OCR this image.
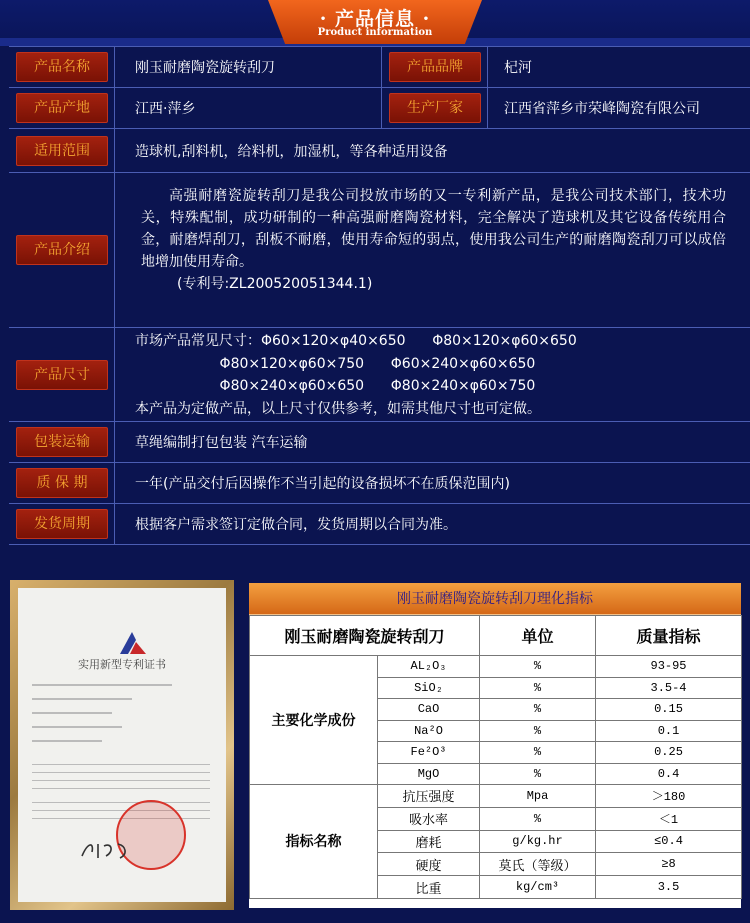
· 产品信息 ·
Product information
产品名称	刚玉耐磨陶瓷旋转刮刀	产品品牌	杞河
产品产地	江西·萍乡	生产厂家	江西省萍乡市荣峰陶瓷有限公司
适用范围	造球机,刮料机，给料机，加湿机，等各种适用设备
产品介绍

高强耐磨瓷旋转刮刀是我公司投放市场的又一专利新产品，是我公司技术部门，技术功关，特殊配制，成功研制的一种高强耐磨陶瓷材料，完全解决了造球机及其它设备传统用合金，耐磨焊刮刀，刮板不耐磨，使用寿命短的弱点，使用我公司生产的耐磨陶瓷刮刀可以成倍地增加使用寿命。

(专利号:ZL200520051344.1)

产品尺寸
市场产品常见尺寸：Φ60×120×φ40×650      Φ80×120×φ60×650
Φ80×120×φ60×750      Φ60×240×φ60×650
Φ80×240×φ60×650      Φ80×240×φ60×750
本产品为定做产品，以上尺寸仅供参考，如需其他尺寸也可定做。
包装运输	草绳编制打包包装 汽车运输
质 保 期	一年(产品交付后因操作不当引起的设备损坏不在质保范围内)
发货周期	根据客户需求签订定做合同，发货周期以合同为准。
实用新型专利证书
刚玉耐磨陶瓷旋转刮刀理化指标
刚玉耐磨陶瓷旋转刮刀		单位	质量指标
主要化学成份	AL₂O₃	%	93-95
	SiO₂	%	3.5-4
	CaO	%	0.15
	Na²O	%	0.1
	Fe²O³	%	0.25
	MgO	%	0.4
指标名称	抗压强度	Mpa	＞180
	吸水率	%	＜1
	磨耗	g/kg.hr	≤0.4
	硬度	莫氏（等级）	≥8
	比重	kg/cm³	3.5
